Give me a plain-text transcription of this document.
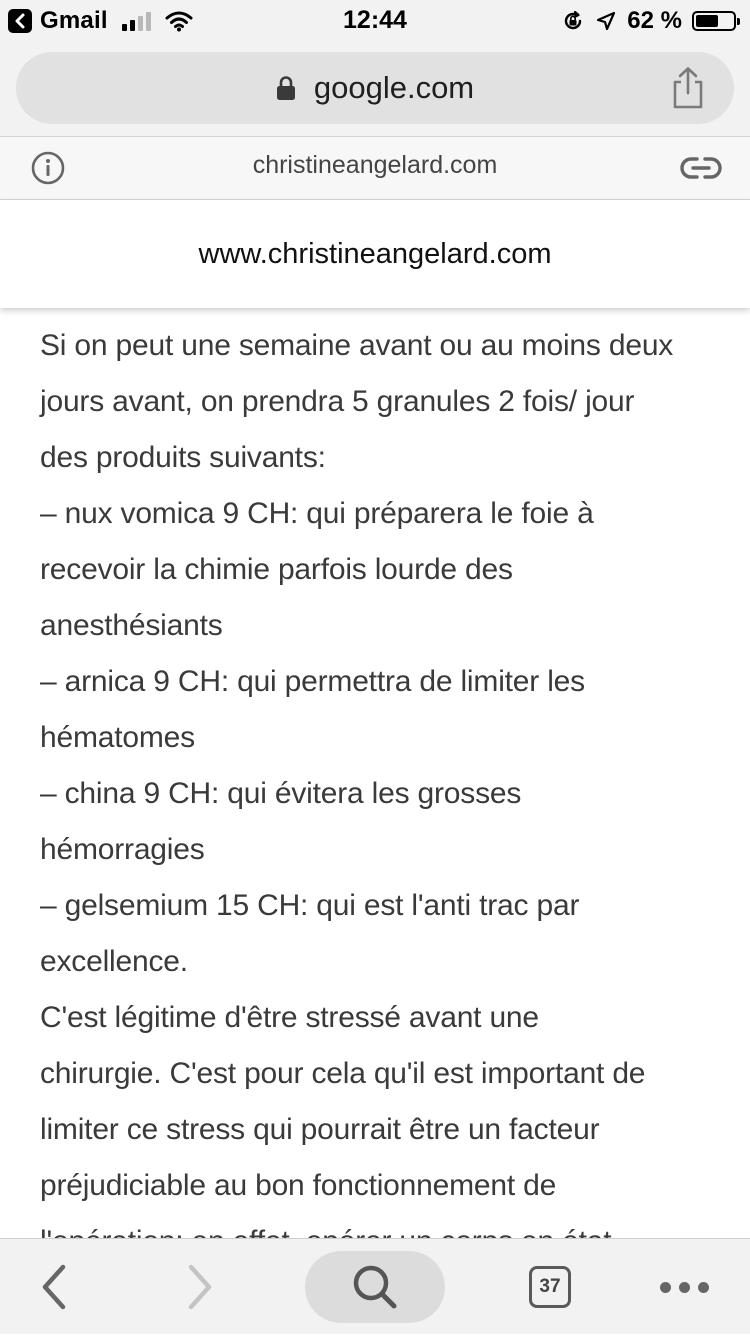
Gmail	12:44	62 %
google.com
christineangelard.com
www.christineangelard.com
Si on peut une semaine avant ou au moins deux
jours avant, on prendra 5 granules 2 fois/ jour
des produits suivants:
– nux vomica 9 CH: qui préparera le foie à
recevoir la chimie parfois lourde des
anesthésiants
– arnica 9 CH: qui permettra de limiter les
hématomes
– china 9 CH: qui évitera les grosses
hémorragies
– gelsemium 15 CH: qui est l'anti trac par
excellence.
C'est légitime d'être stressé avant une
chirurgie. C'est pour cela qu'il est important de
limiter ce stress qui pourrait être un facteur
préjudiciable au bon fonctionnement de
37
